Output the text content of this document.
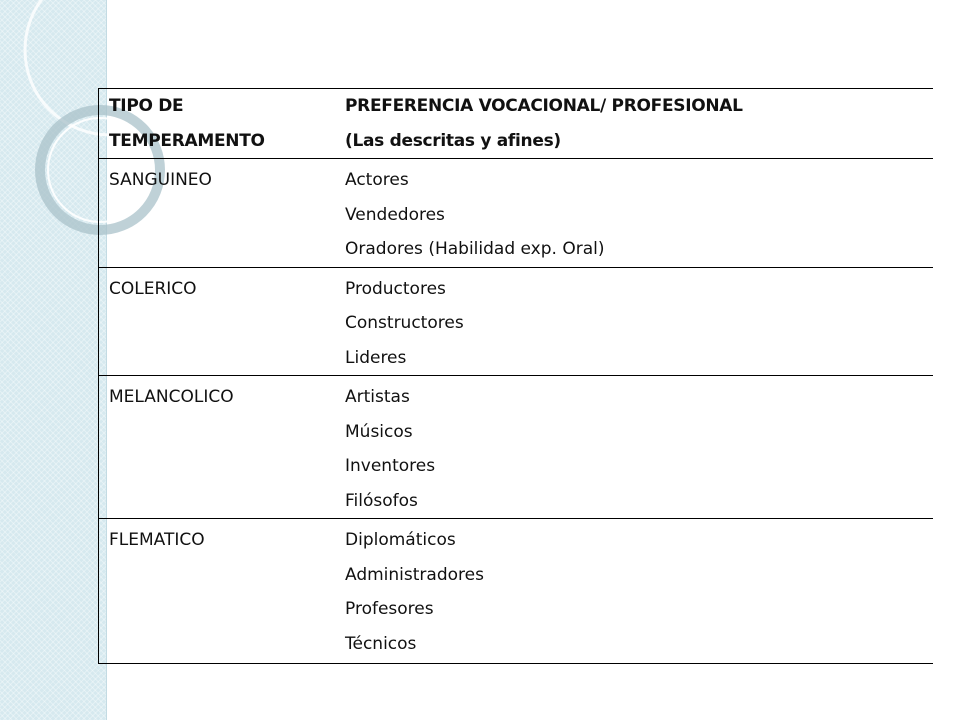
TIPO DE TEMPERAMENTO	PREFERENCIA VOCACIONAL/ PROFESIONAL
(Las descritas y afines)

SANGUINEO	Actores
Vendedores
Oradores (Habilidad exp. Oral)

COLERICO	Productores
Constructores
Lideres

MELANCOLICO	Artistas
Músicos
Inventores
Filósofos

FLEMATICO	Diplomáticos
Administradores
Profesores
Técnicos
